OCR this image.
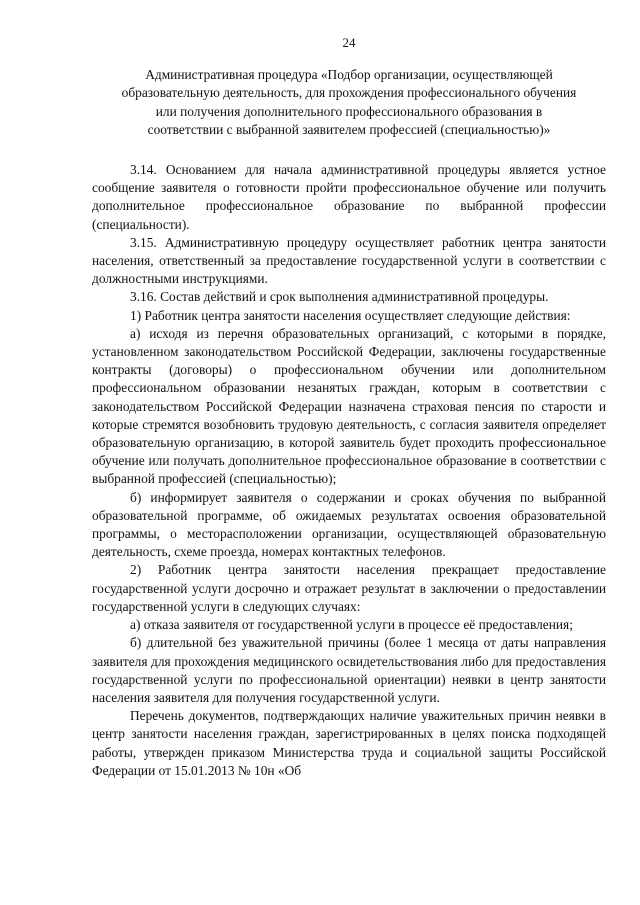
24
Административная процедура «Подбор организации, осуществляющей
образовательную деятельность, для прохождения профессионального обучения
или получения дополнительного профессионального образования в
соответствии с выбранной заявителем профессией (специальностью)»

3.14. Основанием для начала административной процедуры является устное сообщение заявителя о готовности пройти профессиональное обучение или получить дополнительное профессиональное образование по выбранной профессии (специальности).

3.15. Административную процедуру осуществляет работник центра занятости населения, ответственный за предоставление государственной услуги в соответствии с должностными инструкциями.

3.16. Состав действий и срок выполнения административной процедуры.

1) Работник центра занятости населения осуществляет следующие действия:

а) исходя из перечня образовательных организаций, с которыми в порядке, установленном законодательством Российской Федерации, заключены государственные контракты (договоры) о профессиональном обучении или дополнительном профессиональном образовании незанятых граждан, которым в соответствии с законодательством Российской Федерации назначена страховая пенсия по старости и которые стремятся возобновить трудовую деятельность, с согласия заявителя определяет образовательную организацию, в которой заявитель будет проходить профессиональное обучение или получать дополнительное профессиональное образование в соответствии с выбранной профессией (специальностью);

б) информирует заявителя о содержании и сроках обучения по выбранной образовательной программе, об ожидаемых результатах освоения образовательной программы, о месторасположении организации, осуществляющей образовательную деятельность, схеме проезда, номерах контактных телефонов.

2) Работник центра занятости населения прекращает предоставление государственной услуги досрочно и отражает результат в заключении о предоставлении государственной услуги в следующих случаях:

а) отказа заявителя от государственной услуги в процессе её предоставления;

б) длительной без уважительной причины (более 1 месяца от даты направления заявителя для прохождения медицинского освидетельствования либо для предоставления государственной услуги по профессиональной ориентации) неявки в центр занятости населения заявителя для получения государственной услуги.

Перечень документов, подтверждающих наличие уважительных причин неявки в центр занятости населения граждан, зарегистрированных в целях поиска подходящей работы, утвержден приказом Министерства труда и социальной защиты Российской Федерации от 15.01.2013 № 10н «Об
